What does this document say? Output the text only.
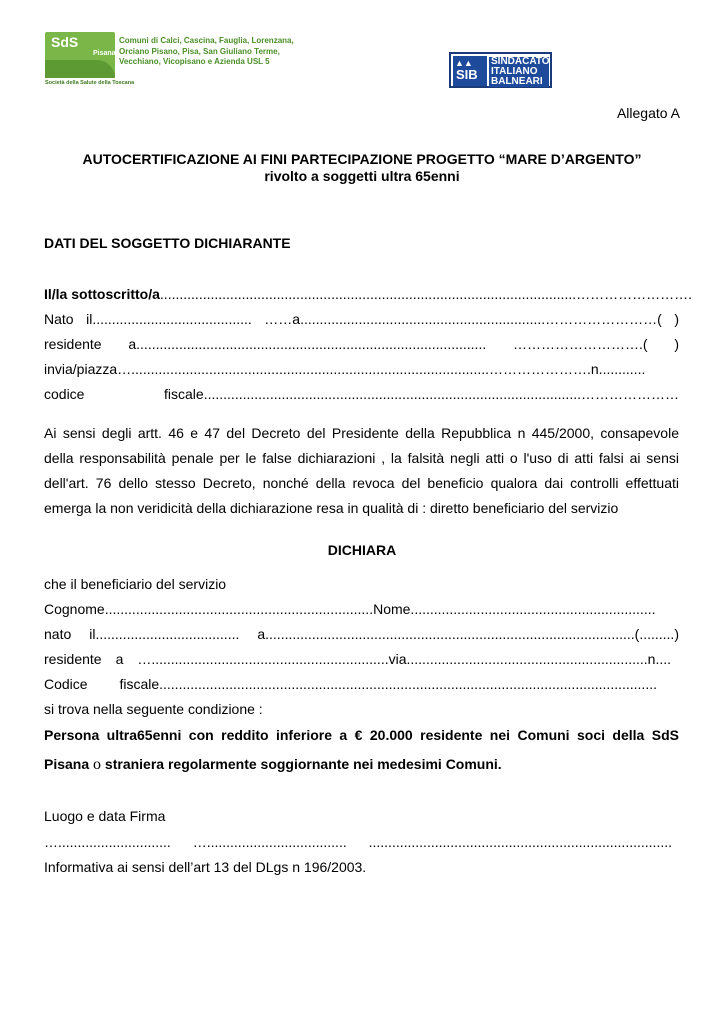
SdS
Pisana
Società della Salute della Toscana
Comuni di Calci, Cascina, Fauglia, Lorenzana,
Orciano Pisano, Pisa, San Giuliano Terme,
Vecchiano, Vicopisano e Azienda USL 5	▲▲
SIB
SINDACATO
ITALIANO
BALNEARI
Allegato A
AUTOCERTIFICAZIONE AI FINI PARTECIPAZIONE PROGETTO “MARE D’ARGENTO”
rivolto a soggetti ultra 65enni
DATI DEL SOGGETTO DICHIARANTE
Il/la sottoscritto/a...........................................................................................................…………………….
Nato il......................................... ……a...............................................................……………………( )
residente a.......................................................................................... ……………………….( )
invia/piazza…............................................................................................………………….n............
codice fiscale.................................................................................................…………………
Ai sensi degli artt. 46 e 47 del Decreto del Presidente della Repubblica n 445/2000, consapevole
della responsabilità penale per le false dichiarazioni , la falsità negli atti o l'uso di atti falsi ai sensi
dell'art. 76 dello stesso Decreto, nonché della revoca del beneficio qualora dai controlli effettuati
emerga la non veridicità della dichiarazione resa in qualità di : diretto beneficiario del servizio
DICHIARA
che il beneficiario del servizio
Cognome.....................................................................Nome...............................................................
nato il..................................... a...............................................................................................(.........)
residente a ….............................................................via..............................................................n....
Codice fiscale................................................................................................................................
si trova nella seguente condizione :
Persona ultra65enni con reddito inferiore a € 20.000 residente nei Comuni soci della SdS
Pisana o straniera regolarmente soggiornante nei medesimi Comuni.
Luogo e data Firma
…............................. ….................................... ..............................................................................
Informativa ai sensi dell’art 13 del DLgs n 196/2003.
